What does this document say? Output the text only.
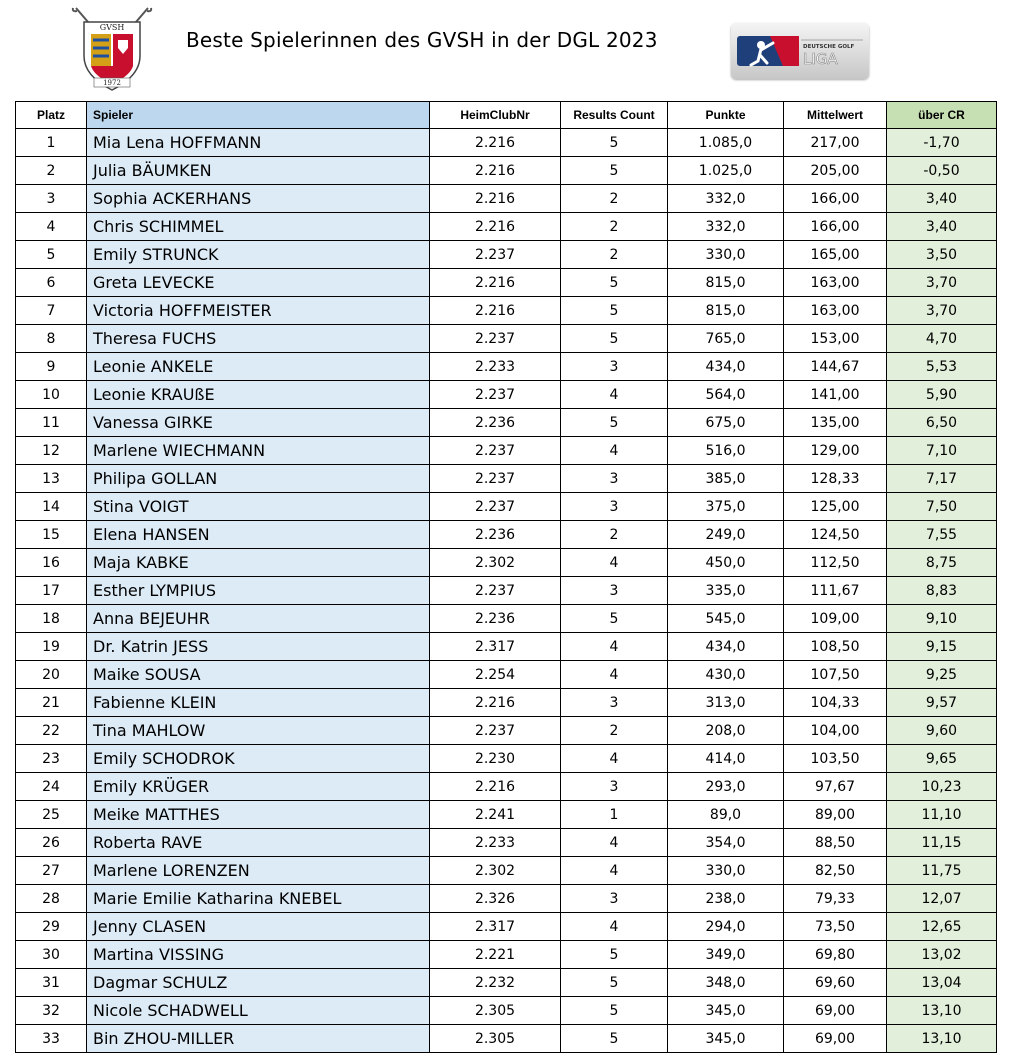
GVSH
1972
Beste Spielerinnen des GVSH in der DGL 2023	DEUTSCHE GOLF
LIGA
Platz	Spieler	HeimClubNr	Results Count	Punkte	Mittelwert	über CR
1	Mia Lena HOFFMANN	2.216	5	1.085,0	217,00	-1,70
2	Julia BÄUMKEN	2.216	5	1.025,0	205,00	-0,50
3	Sophia ACKERHANS	2.216	2	332,0	166,00	3,40
4	Chris SCHIMMEL	2.216	2	332,0	166,00	3,40
5	Emily STRUNCK	2.237	2	330,0	165,00	3,50
6	Greta LEVECKE	2.216	5	815,0	163,00	3,70
7	Victoria HOFFMEISTER	2.216	5	815,0	163,00	3,70
8	Theresa FUCHS	2.237	5	765,0	153,00	4,70
9	Leonie ANKELE	2.233	3	434,0	144,67	5,53
10	Leonie KRAUßE	2.237	4	564,0	141,00	5,90
11	Vanessa GIRKE	2.236	5	675,0	135,00	6,50
12	Marlene WIECHMANN	2.237	4	516,0	129,00	7,10
13	Philipa GOLLAN	2.237	3	385,0	128,33	7,17
14	Stina VOIGT	2.237	3	375,0	125,00	7,50
15	Elena HANSEN	2.236	2	249,0	124,50	7,55
16	Maja KABKE	2.302	4	450,0	112,50	8,75
17	Esther LYMPIUS	2.237	3	335,0	111,67	8,83
18	Anna BEJEUHR	2.236	5	545,0	109,00	9,10
19	Dr. Katrin JESS	2.317	4	434,0	108,50	9,15
20	Maike SOUSA	2.254	4	430,0	107,50	9,25
21	Fabienne KLEIN	2.216	3	313,0	104,33	9,57
22	Tina MAHLOW	2.237	2	208,0	104,00	9,60
23	Emily SCHODROK	2.230	4	414,0	103,50	9,65
24	Emily KRÜGER	2.216	3	293,0	97,67	10,23
25	Meike MATTHES	2.241	1	89,0	89,00	11,10
26	Roberta RAVE	2.233	4	354,0	88,50	11,15
27	Marlene LORENZEN	2.302	4	330,0	82,50	11,75
28	Marie Emilie Katharina KNEBEL	2.326	3	238,0	79,33	12,07
29	Jenny CLASEN	2.317	4	294,0	73,50	12,65
30	Martina VISSING	2.221	5	349,0	69,80	13,02
31	Dagmar SCHULZ	2.232	5	348,0	69,60	13,04
32	Nicole SCHADWELL	2.305	5	345,0	69,00	13,10
33	Bin ZHOU-MILLER	2.305	5	345,0	69,00	13,10
